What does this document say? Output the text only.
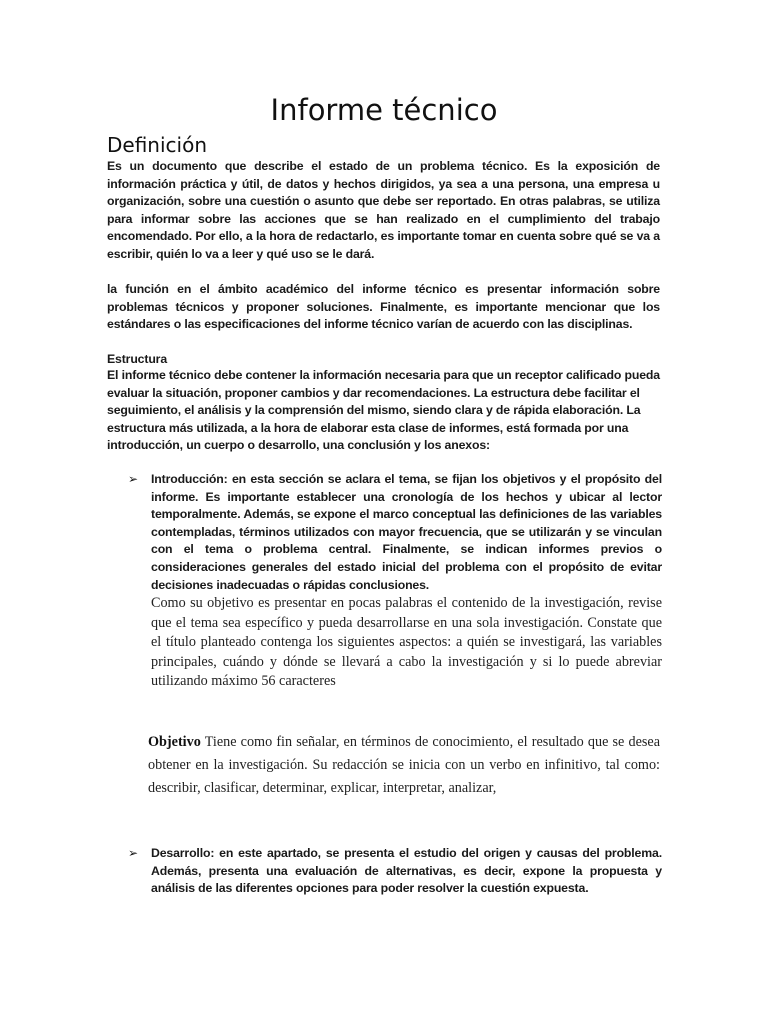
Informe técnico
Definición
Es un documento que describe el estado de un problema técnico. Es la exposición de información práctica y útil, de datos y hechos dirigidos, ya sea a una persona, una empresa u organización, sobre una cuestión o asunto que debe ser reportado. En otras palabras, se utiliza para informar sobre las acciones que se han realizado en el cumplimiento del trabajo encomendado. Por ello, a la hora de redactarlo, es importante tomar en cuenta sobre qué se va a escribir, quién lo va a leer y qué uso se le dará.
la función en el ámbito académico del informe técnico es presentar información sobre problemas técnicos y proponer soluciones. Finalmente, es importante mencionar que los estándares o las especificaciones del informe técnico varían de acuerdo con las disciplinas.
Estructura
El informe técnico debe contener la información necesaria para que un receptor calificado pueda evaluar la situación, proponer cambios y dar recomendaciones. La estructura debe facilitar el seguimiento, el análisis y la comprensión del mismo, siendo clara y de rápida elaboración. La estructura más utilizada, a la hora de elaborar esta clase de informes, está formada por una introducción, un cuerpo o desarrollo, una conclusión y los anexos:
➢ Introducción: en esta sección se aclara el tema, se fijan los objetivos y el propósito del informe. Es importante establecer una cronología de los hechos y ubicar al lector temporalmente. Además, se expone el marco conceptual las definiciones de las variables contempladas, términos utilizados con mayor frecuencia, que se utilizarán y se vinculan con el tema o problema central. Finalmente, se indican informes previos o consideraciones generales del estado inicial del problema con el propósito de evitar decisiones inadecuadas o rápidas conclusiones.
Como su objetivo es presentar en pocas palabras el contenido de la investigación, revise que el tema sea específico y pueda desarrollarse en una sola investigación. Constate que el título planteado contenga los siguientes aspectos: a quién se investigará, las variables principales, cuándo y dónde se llevará a cabo la investigación y si lo puede abreviar utilizando máximo 56 caracteres
Objetivo Tiene como fin señalar, en términos de conocimiento, el resultado que se desea obtener en la investigación. Su redacción se inicia con un verbo en infinitivo, tal como: describir, clasificar, determinar, explicar, interpretar, analizar,
➢ Desarrollo: en este apartado, se presenta el estudio del origen y causas del problema. Además, presenta una evaluación de alternativas, es decir, expone la propuesta y análisis de las diferentes opciones para poder resolver la cuestión expuesta.
